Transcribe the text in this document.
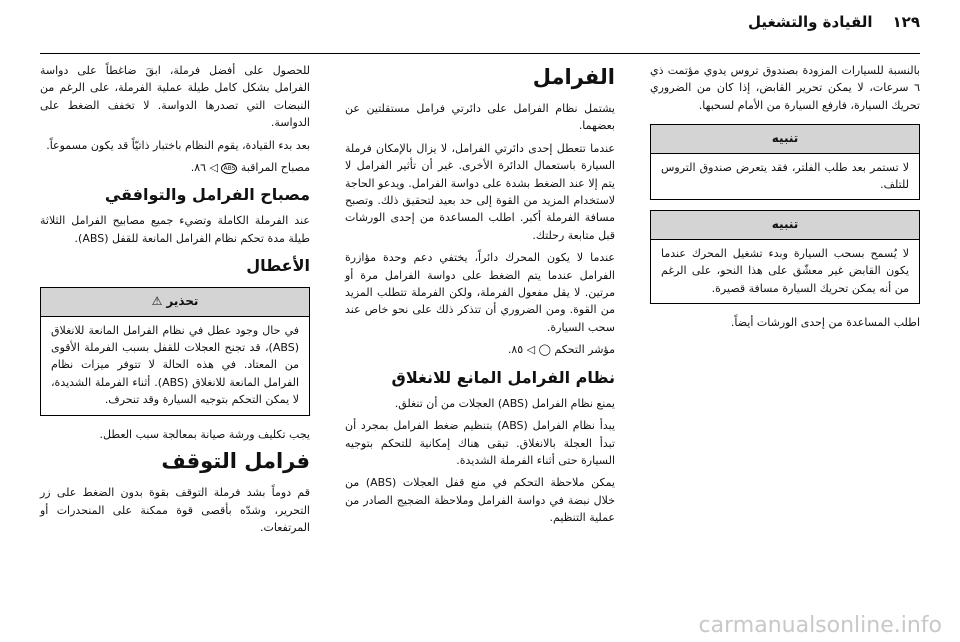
١٢٩
القيادة والتشغيل

بالنسبة للسيارات المزودة بصندوق تروس يدوي مؤتمت ذي ٦ سرعات، لا يمكن تحرير القابض، إذا كان من الضروري تحريك السيارة، فارفع السيارة من الأمام لسحبها.

تنبيه
لا تستمر بعد طلب الفلتر، فقد يتعرض صندوق التروس للتلف.
تنبيه
لا يُسمح بسحب السيارة وبدء تشغيل المحرك عندما يكون القابض غير معشّق على هذا النحو، على الرغم من أنه يمكن تحريك السيارة مسافة قصيرة.

اطلب المساعدة من إحدى الورشات أيضاً.

الفرامل

يشتمل نظام الفرامل على دائرتي فرامل مستقلتين عن بعضهما.

عندما تتعطل إحدى دائرتي الفرامل، لا يزال بالإمكان فرملة السيارة باستعمال الدائرة الأخرى. غير أن تأثير الفرامل لا يتم إلا عند الضغط بشدة على دواسة الفرامل. ويدعو الحاجة لاستخدام المزيد من القوة إلى حد بعيد لتحقيق ذلك. وتصبح مسافة الفرملة أكبر. اطلب المساعدة من إحدى الورشات قبل متابعة رحلتك.

عندما لا يكون المحرك دائراً، يختفي دعم وحدة مؤازرة الفرامل عندما يتم الضغط على دواسة الفرامل مرة أو مرتين. لا يقل مفعول الفرملة، ولكن الفرملة تتطلب المزيد من القوة. ومن الضروري أن تتذكر ذلك على نحو خاص عند سحب السيارة.

مؤشر التحكم ◯ ◁ ٨٥.

نظام الفرامل المانع للانغلاق

يمنع نظام الفرامل (ABS) العجلات من أن تنغلق.

يبدأ نظام الفرامل (ABS) بتنظيم ضغط الفرامل بمجرد أن تبدأ العجلة بالانغلاق. تبقى هناك إمكانية للتحكم بتوجيه السيارة حتى أثناء الفرملة الشديدة.

يمكن ملاحظة التحكم في منع قفل العجلات (ABS) من خلال نبضة في دواسة الفرامل وملاحظة الضجيج الصادر من عملية التنظيم.

للحصول على أفضل فرملة، ابقَ ضاغطاً على دواسة الفرامل بشكل كامل طيلة عملية الفرملة، على الرغم من النبضات التي تصدرها الدواسة. لا تخفف الضغط على الدواسة.

بعد بدء القيادة، يقوم النظام باختبار ذاتيّاً قد يكون مسموعاً.

مصباح المراقبة ABS ◁ ٨٦.

مصباح الفرامل والتوافقي

عند الفرملة الكاملة وتضيء جميع مصابيح الفرامل الثلاثة طيلة مدة تحكم نظام الفرامل المانعة للقفل (ABS).

الأعطال
تحذير
⚠
في حال وجود عطل في نظام الفرامل المانعة للانغلاق (ABS)، قد تجنح العجلات للقفل بسبب الفرملة الأقوى من المعتاد. في هذه الحالة لا تتوفر ميزات نظام الفرامل المانعة للانغلاق (ABS). أثناء الفرملة الشديدة، لا يمكن التحكم بتوجيه السيارة وقد تنحرف.

يجب تكليف ورشة صيانة بمعالجة سبب العطل.

فرامل التوقف

قم دوماً بشد فرملة التوقف بقوة بدون الضغط على زر التحرير، وشدّه بأقصى قوة ممكنة على المنحدرات أو المرتفعات.

carmanualsonline.info
